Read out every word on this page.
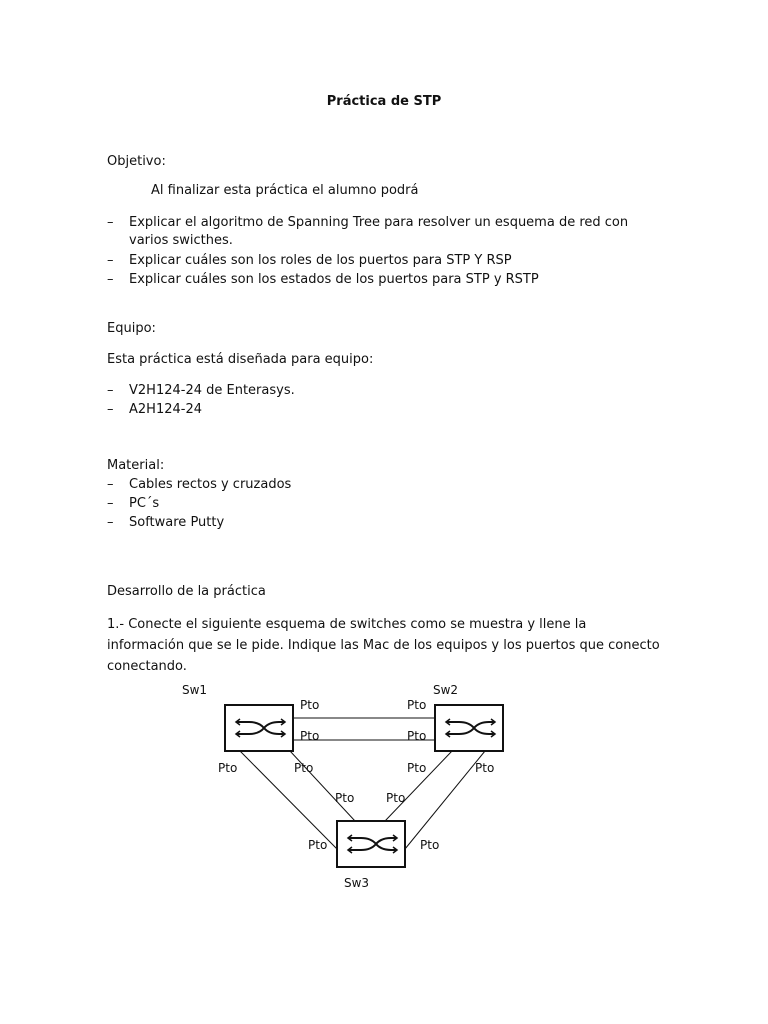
Práctica de STP
Objetivo:
Al finalizar esta práctica el alumno podrá
– Explicar el algoritmo de Spanning Tree para resolver un esquema de red con varios swicthes.
– Explicar cuáles son los roles de los puertos para STP Y RSP
– Explicar cuáles son los estados de los puertos para STP y RSTP
Equipo:
Esta práctica está diseñada para equipo:
– V2H124-24 de Enterasys.
– A2H124-24
Material:
– Cables rectos y cruzados
– PC´s
– Software Putty
Desarrollo de la práctica
1.- Conecte el siguiente esquema de switches como se muestra y llene la información que se le pide. Indique las Mac de los equipos y los puertos que conecto conectando.
Sw1	Sw2
Sw3
Pto	Pto
Pto	Pto
Pto	Pto	Pto	Pto
Pto	Pto
Pto	Pto
